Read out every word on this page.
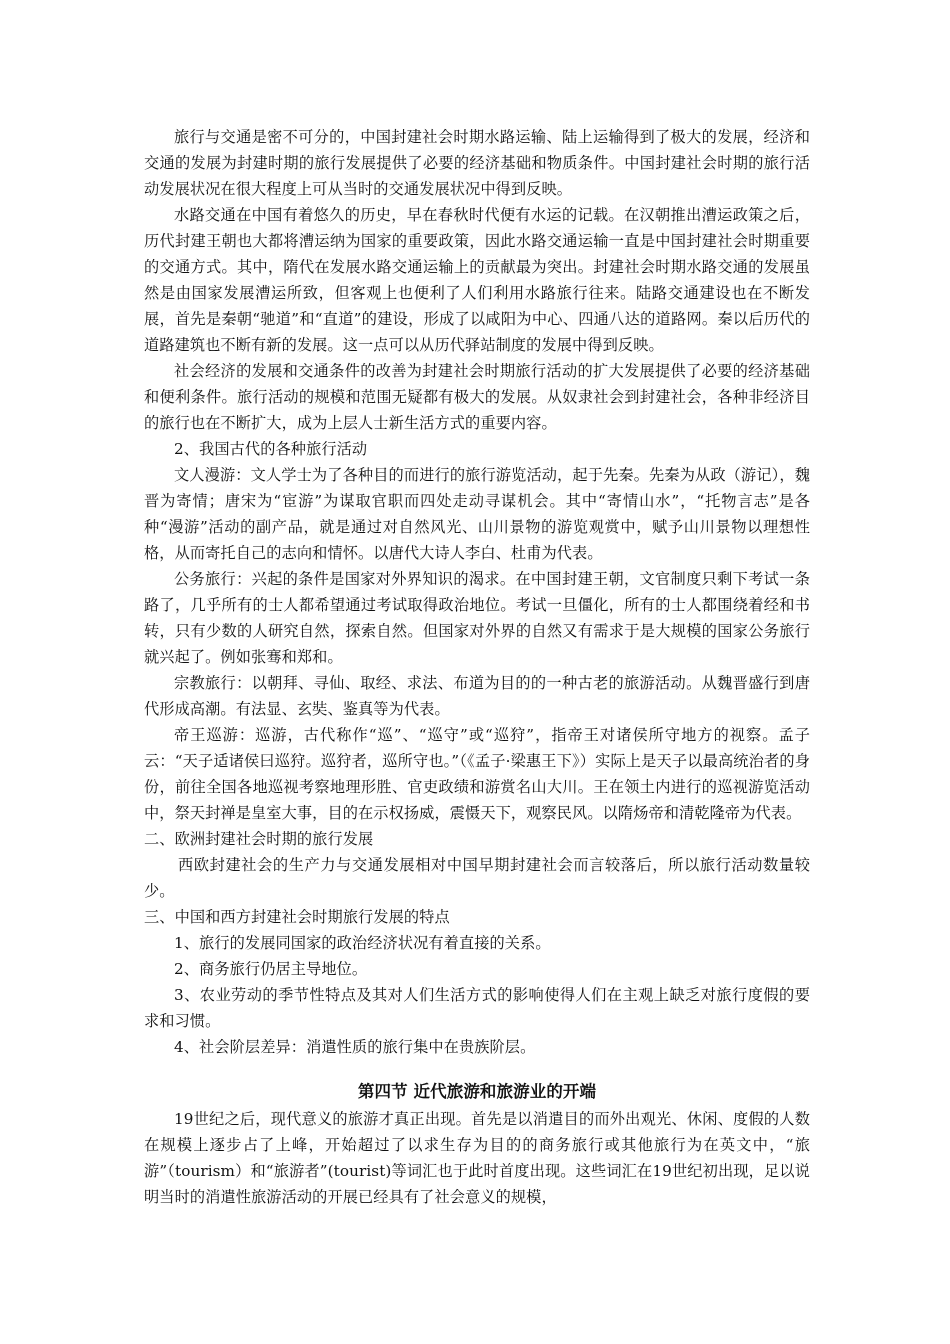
旅行与交通是密不可分的，中国封建社会时期水路运输、陆上运输得到了极大的发展，经济和交通的发展为封建时期的旅行发展提供了必要的经济基础和物质条件。中国封建社会时期的旅行活动发展状况在很大程度上可从当时的交通发展状况中得到反映。

水路交通在中国有着悠久的历史，早在春秋时代便有水运的记载。在汉朝推出漕运政策之后，历代封建王朝也大都将漕运纳为国家的重要政策，因此水路交通运输一直是中国封建社会时期重要的交通方式。其中，隋代在发展水路交通运输上的贡献最为突出。封建社会时期水路交通的发展虽然是由国家发展漕运所致，但客观上也便利了人们利用水路旅行往来。陆路交通建设也在不断发展，首先是秦朝“驰道”和“直道”的建设，形成了以咸阳为中心、四通八达的道路网。秦以后历代的道路建筑也不断有新的发展。这一点可以从历代驿站制度的发展中得到反映。

社会经济的发展和交通条件的改善为封建社会时期旅行活动的扩大发展提供了必要的经济基础和便利条件。旅行活动的规模和范围无疑都有极大的发展。从奴隶社会到封建社会，各种非经济目的旅行也在不断扩大，成为上层人士新生活方式的重要内容。

2、我国古代的各种旅行活动

文人漫游：文人学士为了各种目的而进行的旅行游览活动，起于先秦。先秦为从政（游记），魏晋为寄情；唐宋为“宦游”为谋取官职而四处走动寻谋机会。其中“寄情山水”，“托物言志”是各种“漫游”活动的副产品，就是通过对自然风光、山川景物的游览观赏中，赋予山川景物以理想性格，从而寄托自己的志向和情怀。以唐代大诗人李白、杜甫为代表。

公务旅行：兴起的条件是国家对外界知识的渴求。在中国封建王朝，文官制度只剩下考试一条路了，几乎所有的士人都希望通过考试取得政治地位。考试一旦僵化，所有的士人都围绕着经和书转，只有少数的人研究自然，探索自然。但国家对外界的自然又有需求于是大规模的国家公务旅行就兴起了。例如张骞和郑和。

宗教旅行：以朝拜、寻仙、取经、求法、布道为目的的一种古老的旅游活动。从魏晋盛行到唐代形成高潮。有法显、玄奘、鉴真等为代表。

帝王巡游：巡游，古代称作“巡”、“巡守”或“巡狩”，指帝王对诸侯所守地方的视察。孟子云：“天子适诸侯曰巡狩。巡狩者，巡所守也。”（《孟子·梁惠王下》）实际上是天子以最高统治者的身份，前往全国各地巡视考察地理形胜、官吏政绩和游赏名山大川。王在领土内进行的巡视游览活动中，祭天封禅是皇室大事，目的在示权扬威，震慑天下，观察民风。以隋炀帝和清乾隆帝为代表。

二、欧洲封建社会时期的旅行发展

西欧封建社会的生产力与交通发展相对中国早期封建社会而言较落后，所以旅行活动数量较少。

三、中国和西方封建社会时期旅行发展的特点

1、旅行的发展同国家的政治经济状况有着直接的关系。

2、商务旅行仍居主导地位。

3、农业劳动的季节性特点及其对人们生活方式的影响使得人们在主观上缺乏对旅行度假的要求和习惯。

4、社会阶层差异：消遣性质的旅行集中在贵族阶层。

第四节 近代旅游和旅游业的开端

19世纪之后，现代意义的旅游才真正出现。首先是以消遣目的而外出观光、休闲、度假的人数在规模上逐步占了上峰，开始超过了以求生存为目的的商务旅行或其他旅行为在英文中，“旅游”（tourism）和“旅游者”(tourist)等词汇也于此时首度出现。这些词汇在19世纪初出现，足以说明当时的消遣性旅游活动的开展已经具有了社会意义的规模，
